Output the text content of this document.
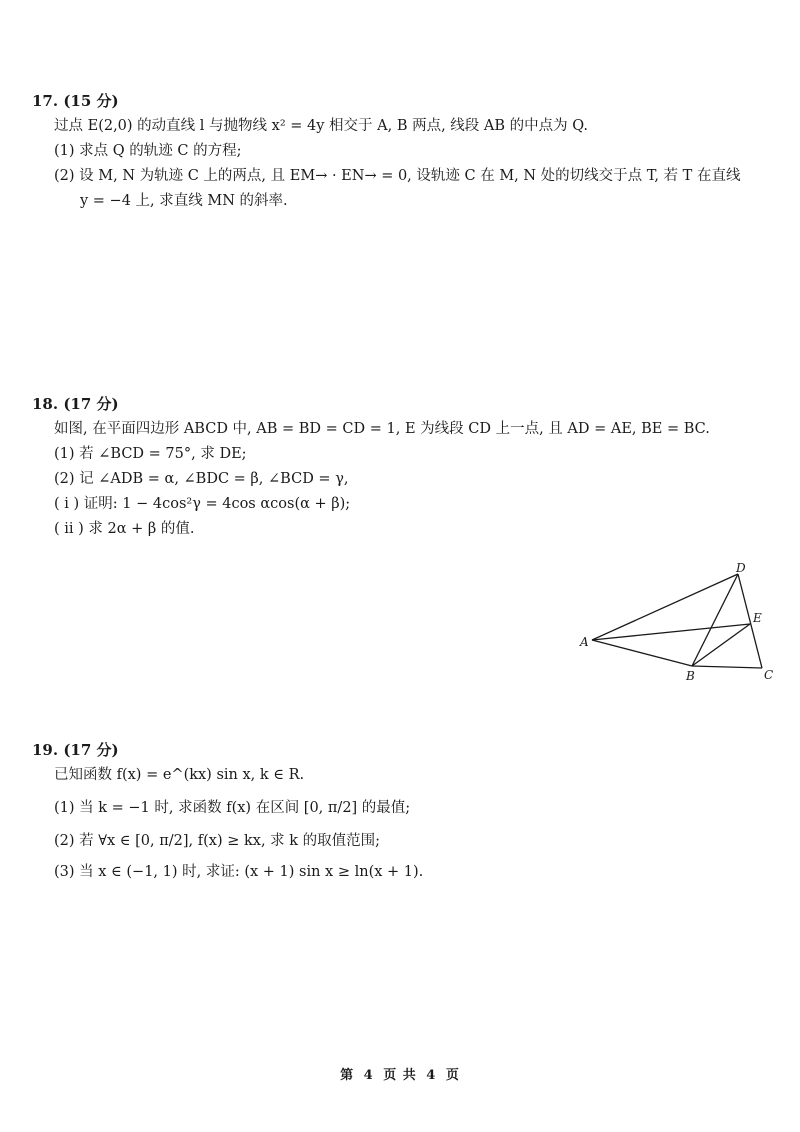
17. (15 分)
过点 E(2,0) 的动直线 l 与抛物线 x² = 4y 相交于 A, B 两点, 线段 AB 的中点为 Q.
(1) 求点 Q 的轨迹 C 的方程;
(2) 设 M, N 为轨迹 C 上的两点, 且 EM→ · EN→ = 0, 设轨迹 C 在 M, N 处的切线交于点 T, 若 T 在直线
y = −4 上, 求直线 MN 的斜率.
18. (17 分)
如图, 在平面四边形 ABCD 中, AB = BD = CD = 1, E 为线段 CD 上一点, 且 AD = AE, BE = BC.
(1) 若 ∠BCD = 75°, 求 DE;
(2) 记 ∠ADB = α, ∠BDC = β, ∠BCD = γ,
( ⅰ ) 证明: 1 − 4cos²γ = 4cos αcos(α + β);
( ⅱ ) 求 2α + β 的值.
A
B	C
D
E
19. (17 分)
已知函数 f(x) = e^(kx) sin x, k ∈ R.
(1) 当 k = −1 时, 求函数 f(x) 在区间 [0, π/2] 的最值;
(2) 若 ∀x ∈ [0, π/2], f(x) ≥ kx, 求 k 的取值范围;
(3) 当 x ∈ (−1, 1) 时, 求证: (x + 1) sin x ≥ ln(x + 1).
第 4 页 共 4 页
